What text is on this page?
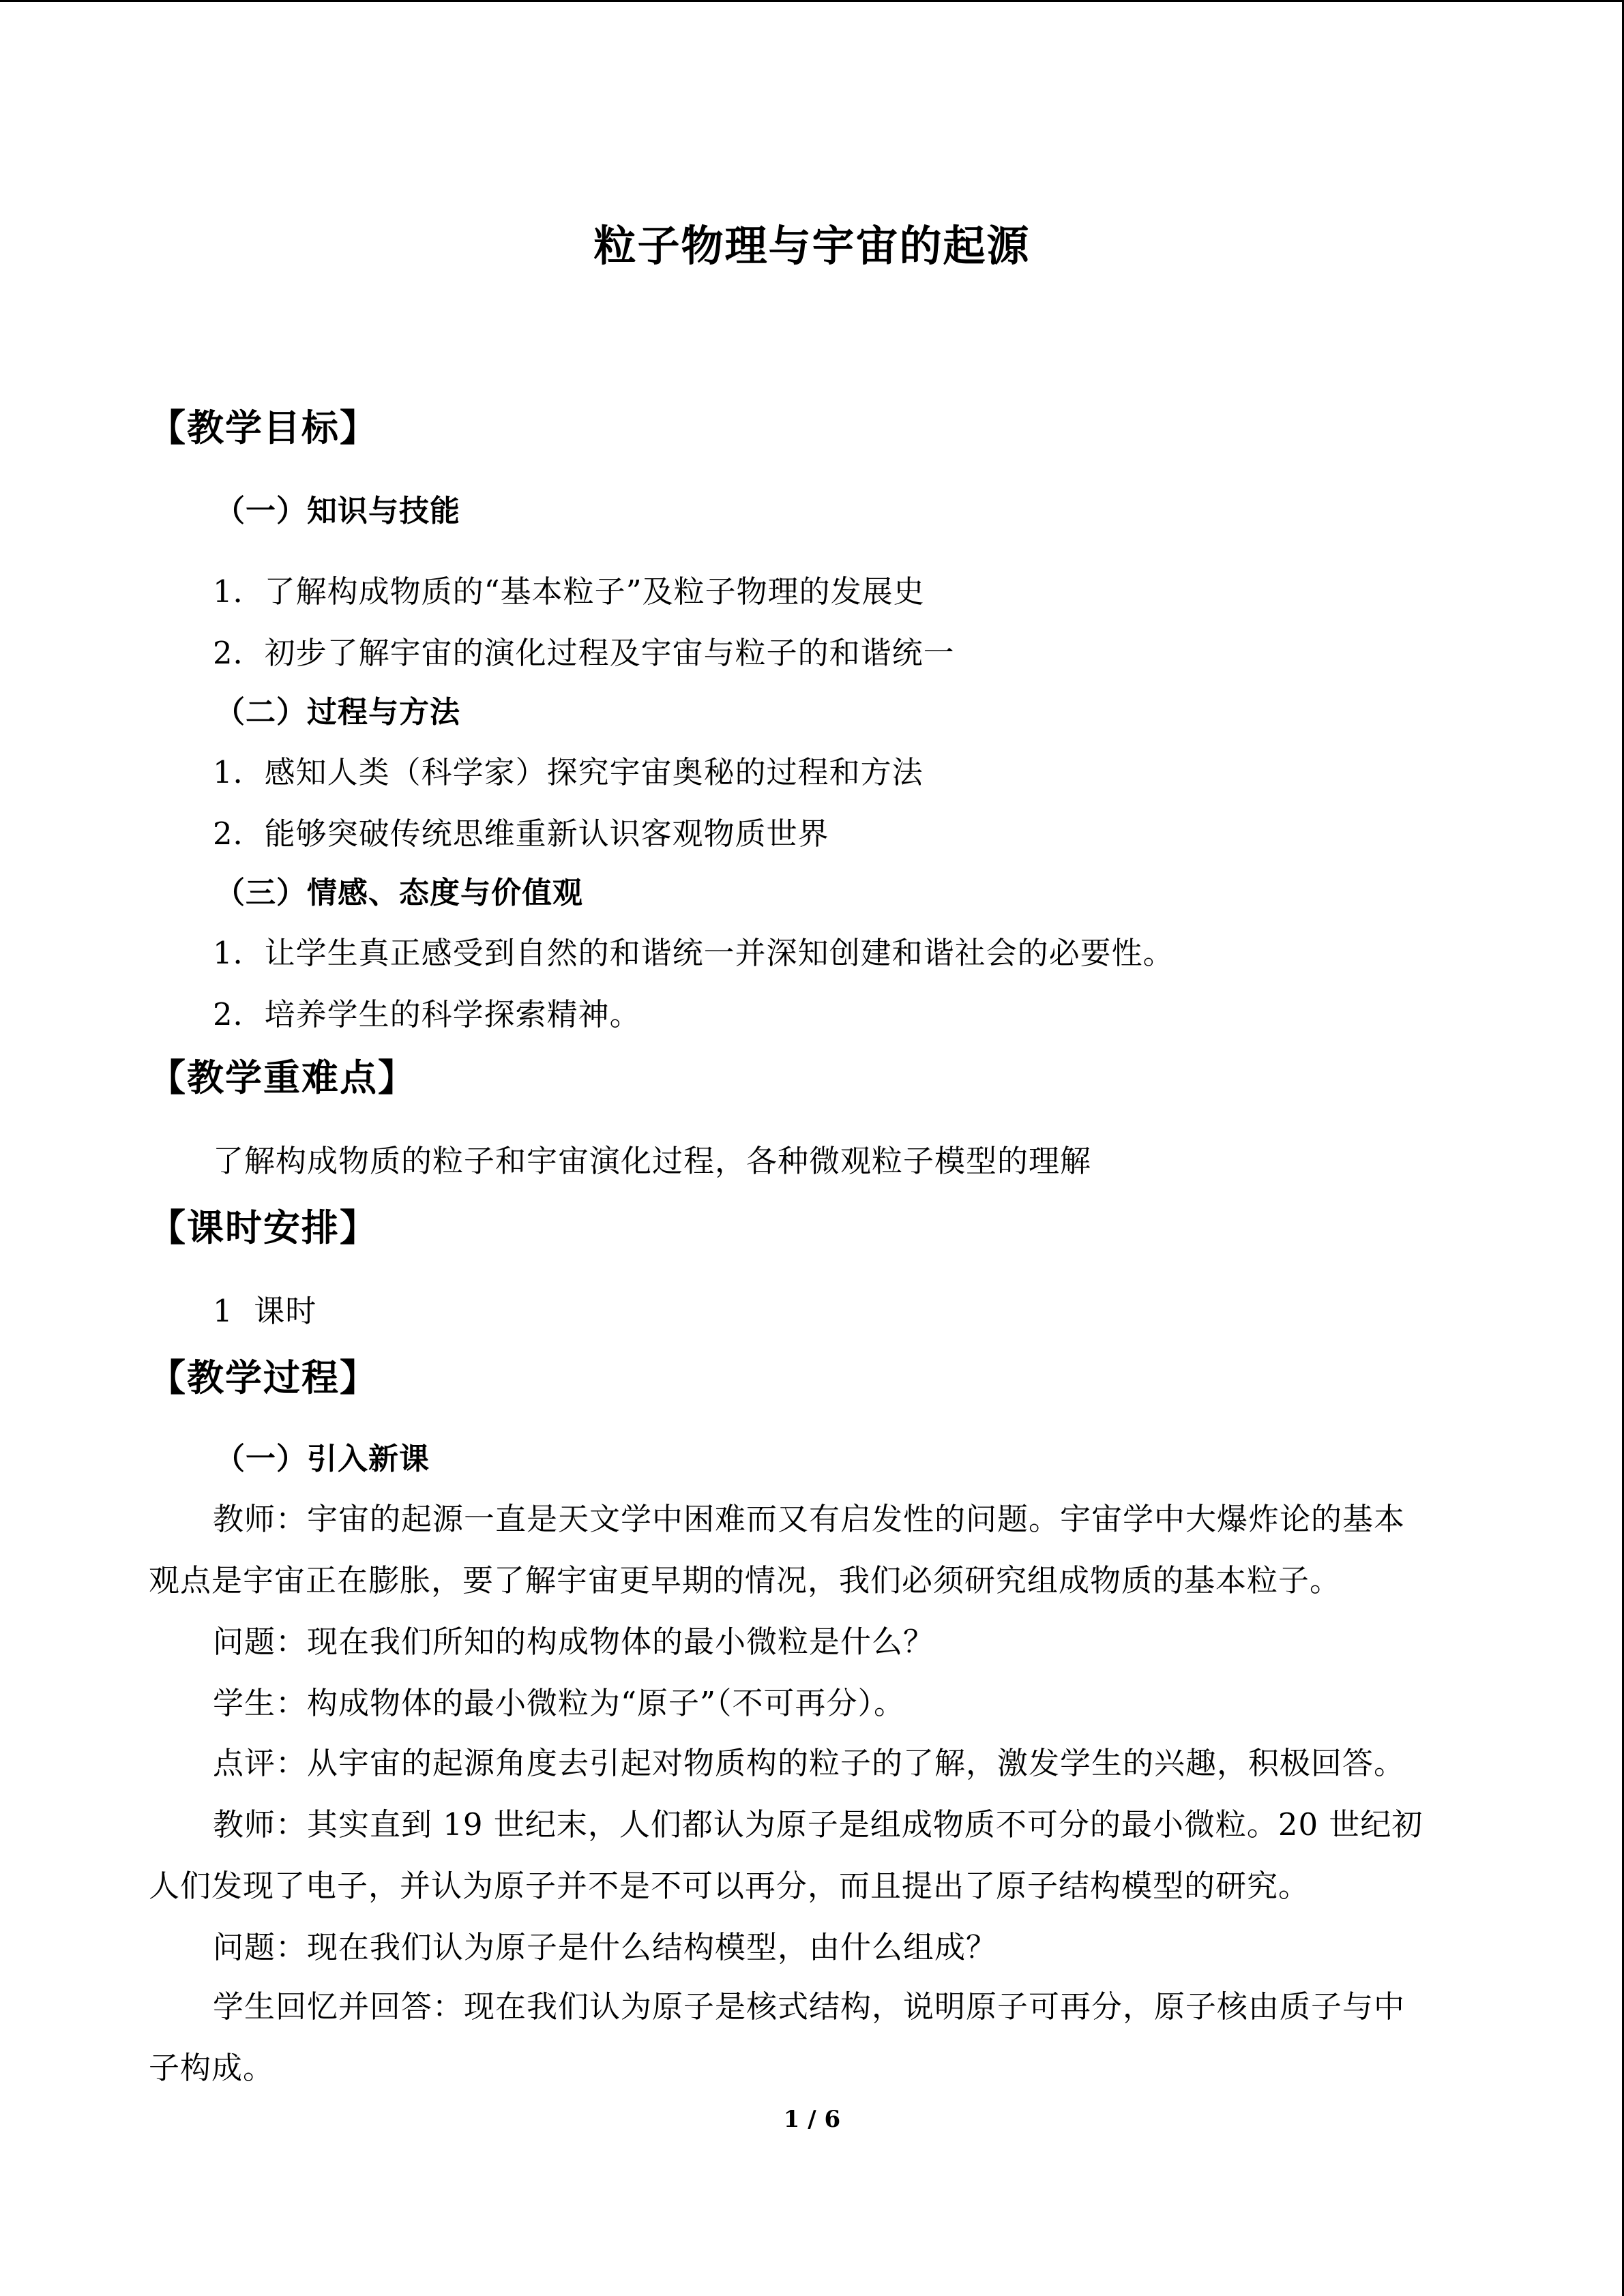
粒子物理与宇宙的起源
【教学目标】
（一）知识与技能
1．了解构成物质的“基本粒子”及粒子物理的发展史
2．初步了解宇宙的演化过程及宇宙与粒子的和谐统一
（二）过程与方法
1．感知人类（科学家）探究宇宙奥秘的过程和方法
2．能够突破传统思维重新认识客观物质世界
（三）情感、态度与价值观
1．让学生真正感受到自然的和谐统一并深知创建和谐社会的必要性。
2．培养学生的科学探索精神。
【教学重难点】
了解构成物质的粒子和宇宙演化过程，各种微观粒子模型的理解
【课时安排】
1  课时
【教学过程】
（一）引入新课
教师：宇宙的起源一直是天文学中困难而又有启发性的问题。宇宙学中大爆炸论的基本
观点是宇宙正在膨胀，要了解宇宙更早期的情况，我们必须研究组成物质的基本粒子。
问题：现在我们所知的构成物体的最小微粒是什么？
学生：构成物体的最小微粒为“原子”（不可再分）。
点评：从宇宙的起源角度去引起对物质构的粒子的了解，激发学生的兴趣，积极回答。
教师：其实直到 19 世纪末，人们都认为原子是组成物质不可分的最小微粒。20 世纪初
人们发现了电子，并认为原子并不是不可以再分，而且提出了原子结构模型的研究。
问题：现在我们认为原子是什么结构模型，由什么组成？
学生回忆并回答：现在我们认为原子是核式结构，说明原子可再分，原子核由质子与中
子构成。
1 / 6
